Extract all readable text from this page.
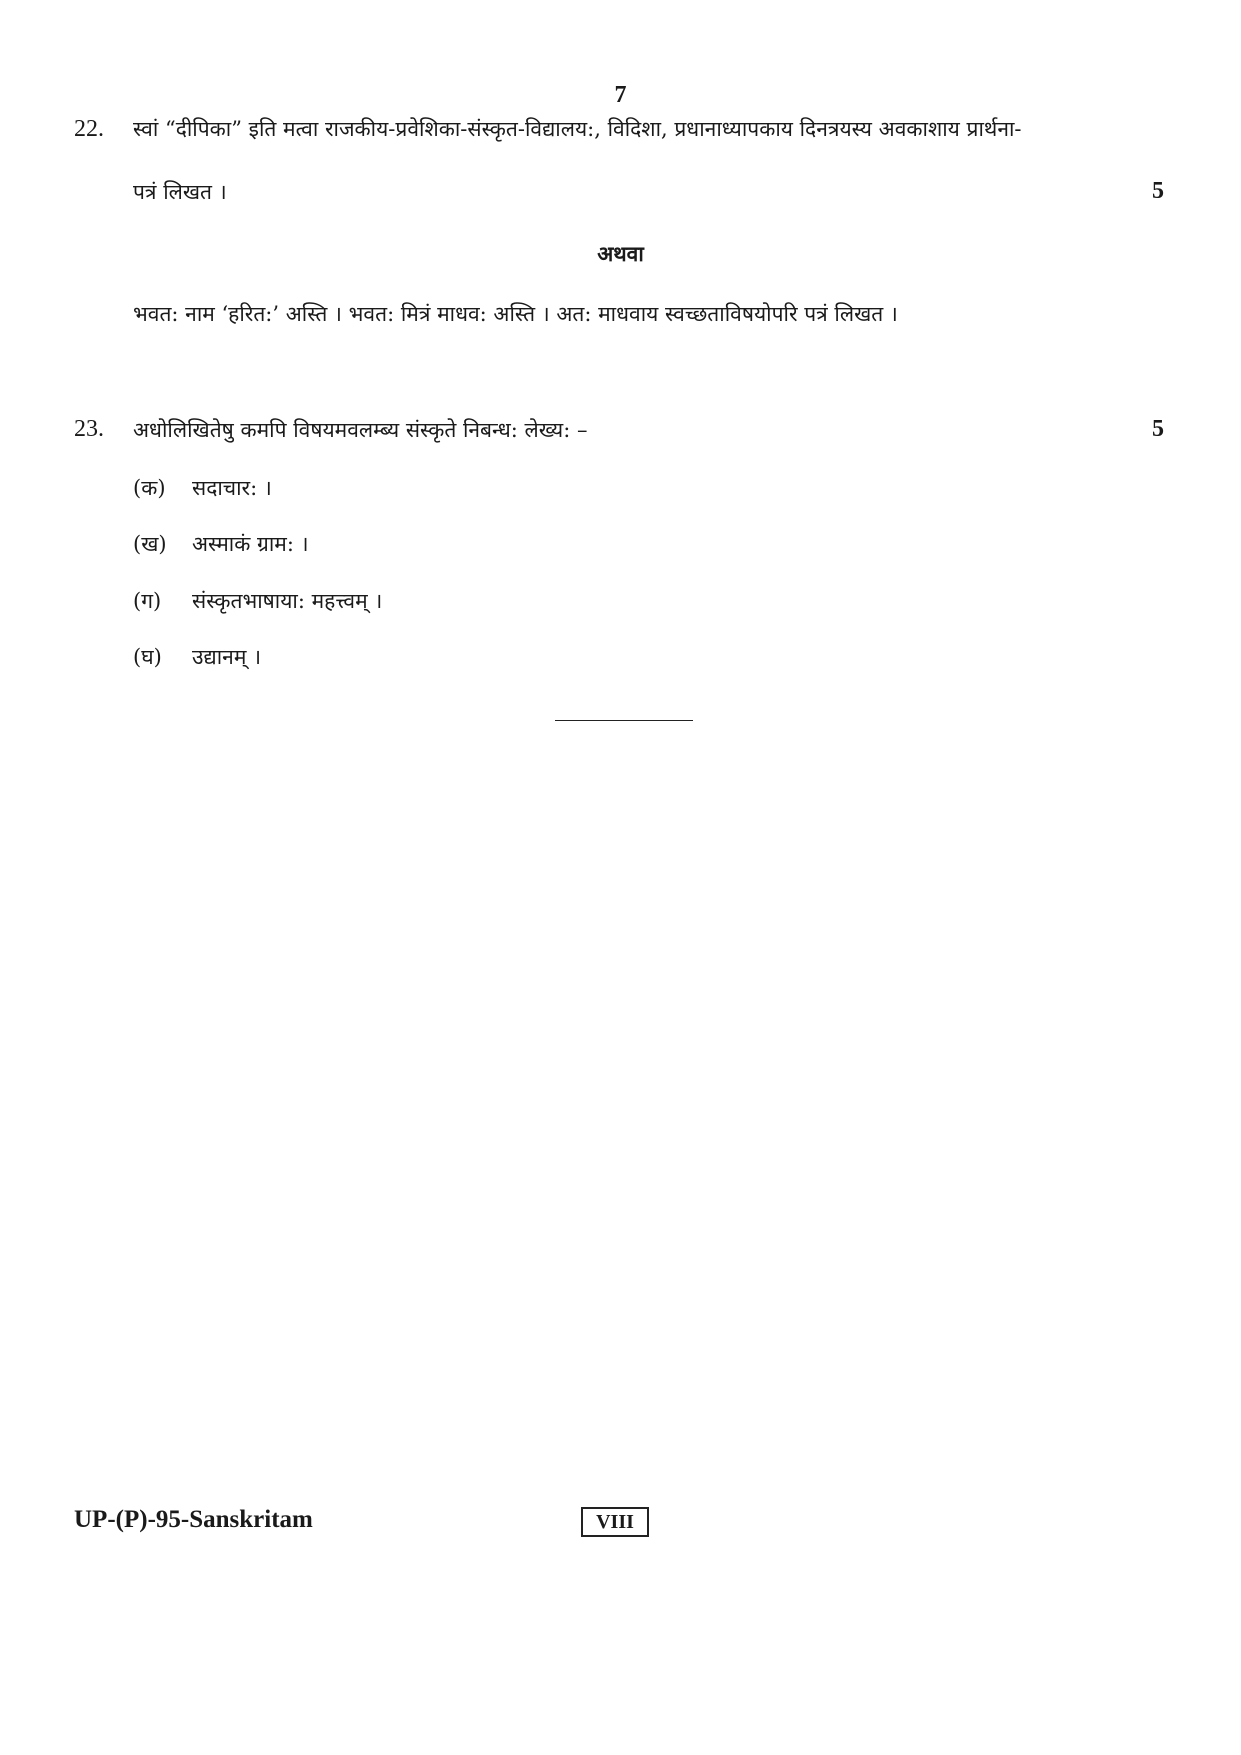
7
22. स्वां “दीपिका” इति मत्वा राजकीय-प्रवेशिका-संस्कृत-विद्यालय:, विदिशा, प्रधानाध्यापकाय दिनत्रयस्य अवकाशाय प्रार्थना-
पत्रं लिखत ।	5
अथवा
भवत: नाम ‘हरित:’ अस्ति । भवत: मित्रं माधव: अस्ति । अत: माधवाय स्वच्छताविषयोपरि पत्रं लिखत ।
23. अधोलिखितेषु कमपि विषयमवलम्ब्य संस्कृते निबन्ध: लेख्य: –	5
(क)	सदाचार: ।
(ख)	अस्माकं ग्राम: ।
(ग)	संस्कृतभाषाया: महत्त्वम् ।
(घ)	उद्यानम् ।
UP-(P)-95-Sanskritam	VIII
